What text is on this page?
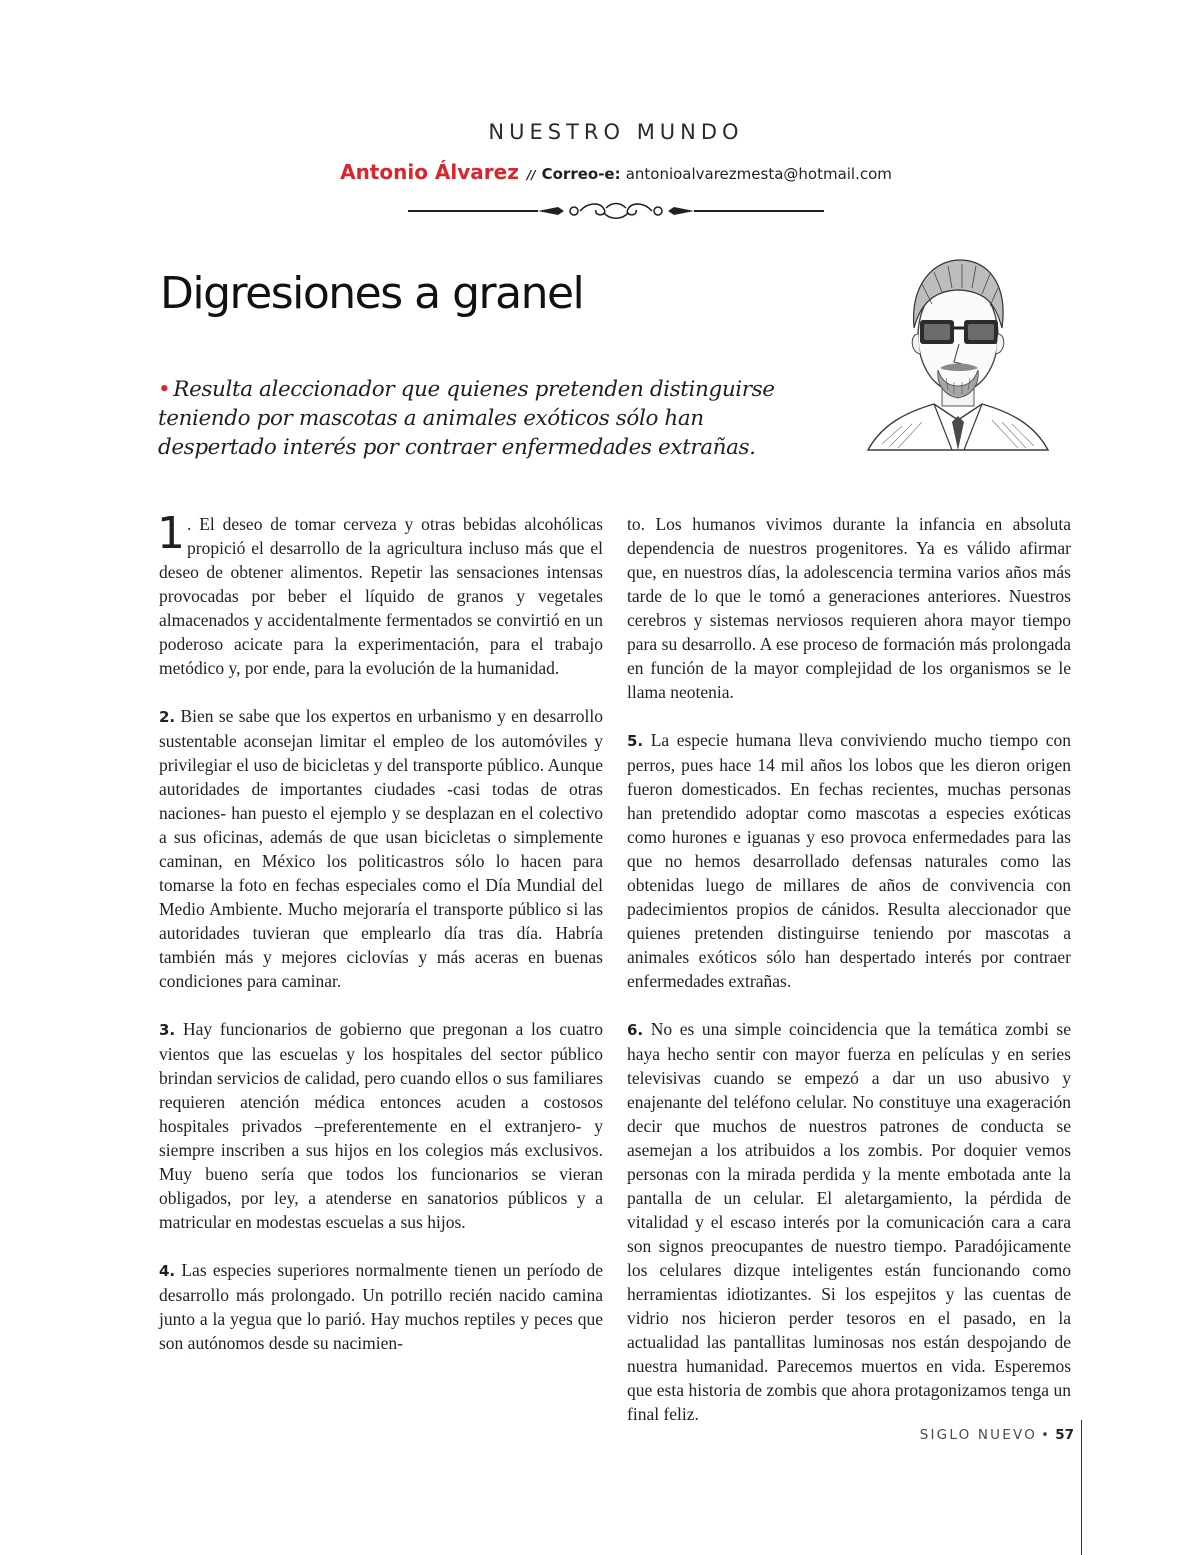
NUESTRO MUNDO
Antonio Álvarez // Correo-e: antonioalvarezmesta@hotmail.com
Digresiones a granel

• Resulta aleccionador que quienes pretenden distinguirse teniendo por mascotas a animales exóticos sólo han despertado interés por contraer enfermedades extrañas.

1 . El deseo de tomar cerveza y otras bebidas alcohólicas propició el desarrollo de la agricultura incluso más que el deseo de obtener alimentos. Repetir las sensaciones intensas provocadas por beber el líquido de granos y vegetales almacenados y accidentalmente fermentados se convirtió en un poderoso acicate para la experimentación, para el trabajo metódico y, por ende, para la evolución de la humanidad.

2. Bien se sabe que los expertos en urbanismo y en desarrollo sustentable aconsejan limitar el empleo de los automóviles y privilegiar el uso de bicicletas y del transporte público. Aunque autoridades de importantes ciudades -casi todas de otras naciones- han puesto el ejemplo y se desplazan en el colectivo a sus oficinas, además de que usan bicicletas o simplemente caminan, en México los politicastros sólo lo hacen para tomarse la foto en fechas especiales como el Día Mundial del Medio Ambiente. Mucho mejoraría el transporte público si las autoridades tuvieran que emplearlo día tras día. Habría también más y mejores ciclovías y más aceras en buenas condiciones para caminar.

3. Hay funcionarios de gobierno que pregonan a los cuatro vientos que las escuelas y los hospitales del sector público brindan servicios de calidad, pero cuando ellos o sus familiares requieren atención médica entonces acuden a costosos hospitales privados –preferentemente en el extranjero- y siempre inscriben a sus hijos en los colegios más exclusivos. Muy bueno sería que todos los funcionarios se vieran obligados, por ley, a atenderse en sanatorios públicos y a matricular en modestas escuelas a sus hijos.

4. Las especies superiores normalmente tienen un período de desarrollo más prolongado. Un potrillo recién nacido camina junto a la yegua que lo parió. Hay muchos reptiles y peces que son autónomos desde su nacimien-

to. Los humanos vivimos durante la infancia en absoluta dependencia de nuestros progenitores. Ya es válido afirmar que, en nuestros días, la adolescencia termina varios años más tarde de lo que le tomó a generaciones anteriores. Nuestros cerebros y sistemas nerviosos requieren ahora mayor tiempo para su desarrollo. A ese proceso de formación más prolongada en función de la mayor complejidad de los organismos se le llama neotenia.

5. La especie humana lleva conviviendo mucho tiempo con perros, pues hace 14 mil años los lobos que les dieron origen fueron domesticados. En fechas recientes, muchas personas han pretendido adoptar como mascotas a especies exóticas como hurones e iguanas y eso provoca enfermedades para las que no hemos desarrollado defensas naturales como las obtenidas luego de millares de años de convivencia con padecimientos propios de cánidos. Resulta aleccionador que quienes pretenden distinguirse teniendo por mascotas a animales exóticos sólo han despertado interés por contraer enfermedades extrañas.

6. No es una simple coincidencia que la temática zombi se haya hecho sentir con mayor fuerza en películas y en series televisivas cuando se empezó a dar un uso abusivo y enajenante del teléfono celular. No constituye una exageración decir que muchos de nuestros patrones de conducta se asemejan a los atribuidos a los zombis. Por doquier vemos personas con la mirada perdida y la mente embotada ante la pantalla de un celular. El aletargamiento, la pérdida de vitalidad y el escaso interés por la comunicación cara a cara son signos preocupantes de nuestro tiempo. Paradójicamente los celulares dizque inteligentes están funcionando como herramientas idiotizantes. Si los espejitos y las cuentas de vidrio nos hicieron perder tesoros en el pasado, en la actualidad las pantallitas luminosas nos están despojando de nuestra humanidad. Parecemos muertos en vida. Esperemos que esta historia de zombis que ahora protagonizamos tenga un final feliz.

SIGLO NUEVO • 57
